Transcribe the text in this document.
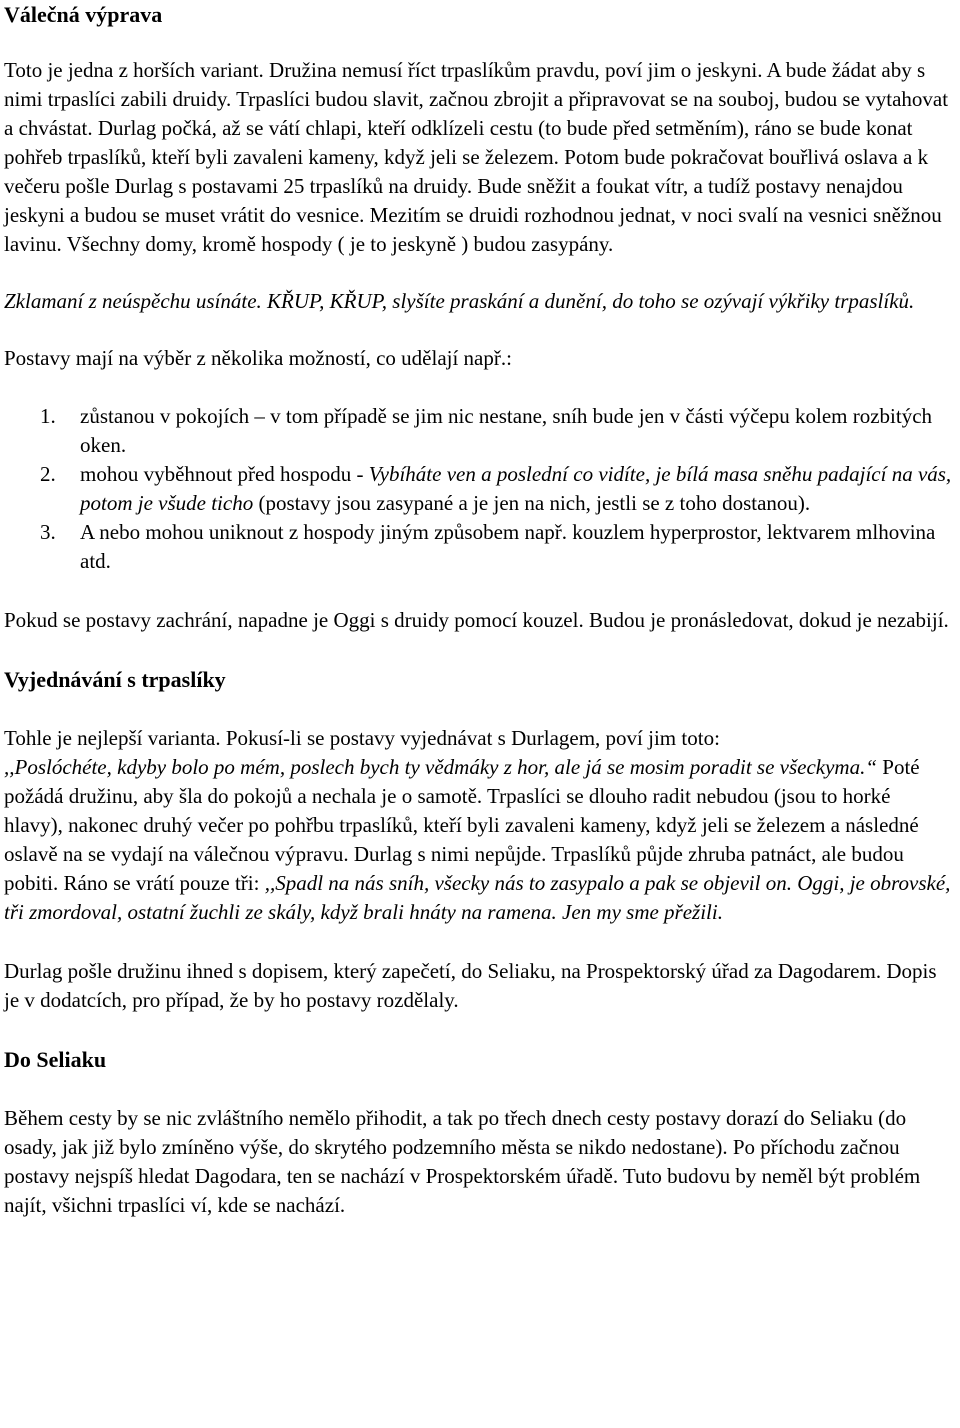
Válečná výprava

Toto je jedna z horších variant. Družina nemusí říct trpaslíkům pravdu, poví jim o jeskyni. A bude žádat aby s nimi trpaslíci zabili druidy. Trpaslíci budou slavit, začnou zbrojit a připravovat se na souboj, budou se vytahovat a chvástat. Durlag počká, až se vátí chlapi, kteří odklízeli cestu (to bude před setměním), ráno se bude konat pohřeb trpaslíků, kteří byli zavaleni kameny, když jeli se železem. Potom bude pokračovat bouřlivá oslava a k večeru pošle Durlag s postavami 25 trpaslíků na druidy. Bude sněžit a foukat vítr, a tudíž postavy nenajdou jeskyni a budou se muset vrátit do vesnice. Mezitím se druidi rozhodnou jednat, v noci svalí na vesnici sněžnou lavinu. Všechny domy, kromě hospody ( je to jeskyně ) budou zasypány.

Zklamaní z neúspěchu usínáte. KŘUP, KŘUP, slyšíte praskání a dunění, do toho se ozývají výkřiky trpaslíků.

Postavy mají na výběr z několika možností, co udělají např.:

1. zůstanou v pokojích – v tom případě se jim nic nestane, sníh bude jen v části výčepu kolem rozbitých oken.
2. mohou vyběhnout před hospodu - Vybíháte ven a poslední co vidíte, je bílá masa sněhu padající na vás, potom je všude ticho (postavy jsou zasypané a je jen na nich, jestli se z toho dostanou).
3. A nebo mohou uniknout z hospody jiným způsobem např. kouzlem hyperprostor, lektvarem mlhovina atd.

Pokud se postavy zachrání, napadne je Oggi s druidy pomocí kouzel. Budou je pronásledovat, dokud je nezabijí.

Vyjednávání s trpaslíky

Tohle je nejlepší varianta. Pokusí-li se postavy vyjednávat s Durlagem, poví jim toto:
,,Poslóchéte, kdyby bolo po mém, poslech bych ty vědmáky z hor, ale já se mosim poradit se všeckyma.“ Poté požádá družinu, aby šla do pokojů a nechala je o samotě. Trpaslíci se dlouho radit nebudou (jsou to horké hlavy), nakonec druhý večer po pohřbu trpaslíků, kteří byli zavaleni kameny, když jeli se železem a následné oslavě na se vydají na válečnou výpravu. Durlag s nimi nepůjde. Trpaslíků půjde zhruba patnáct, ale budou pobiti. Ráno se vrátí pouze tři: ,,Spadl na nás sníh, všecky nás to zasypalo a pak se objevil on. Oggi, je obrovské, tři zmordoval, ostatní žuchli ze skály, když brali hnáty na ramena. Jen my sme přežili.

Durlag pošle družinu ihned s dopisem, který zapečetí, do Seliaku, na Prospektorský úřad za Dagodarem. Dopis je v dodatcích, pro případ, že by ho postavy rozdělaly.

Do Seliaku

Během cesty by se nic zvláštního nemělo přihodit, a tak po třech dnech cesty postavy dorazí do Seliaku (do osady, jak již bylo zmíněno výše, do skrytého podzemního města se nikdo nedostane). Po příchodu začnou postavy nejspíš hledat Dagodara, ten se nachází v Prospektorském úřadě. Tuto budovu by neměl být problém najít, všichni trpaslíci ví, kde se nachází.
